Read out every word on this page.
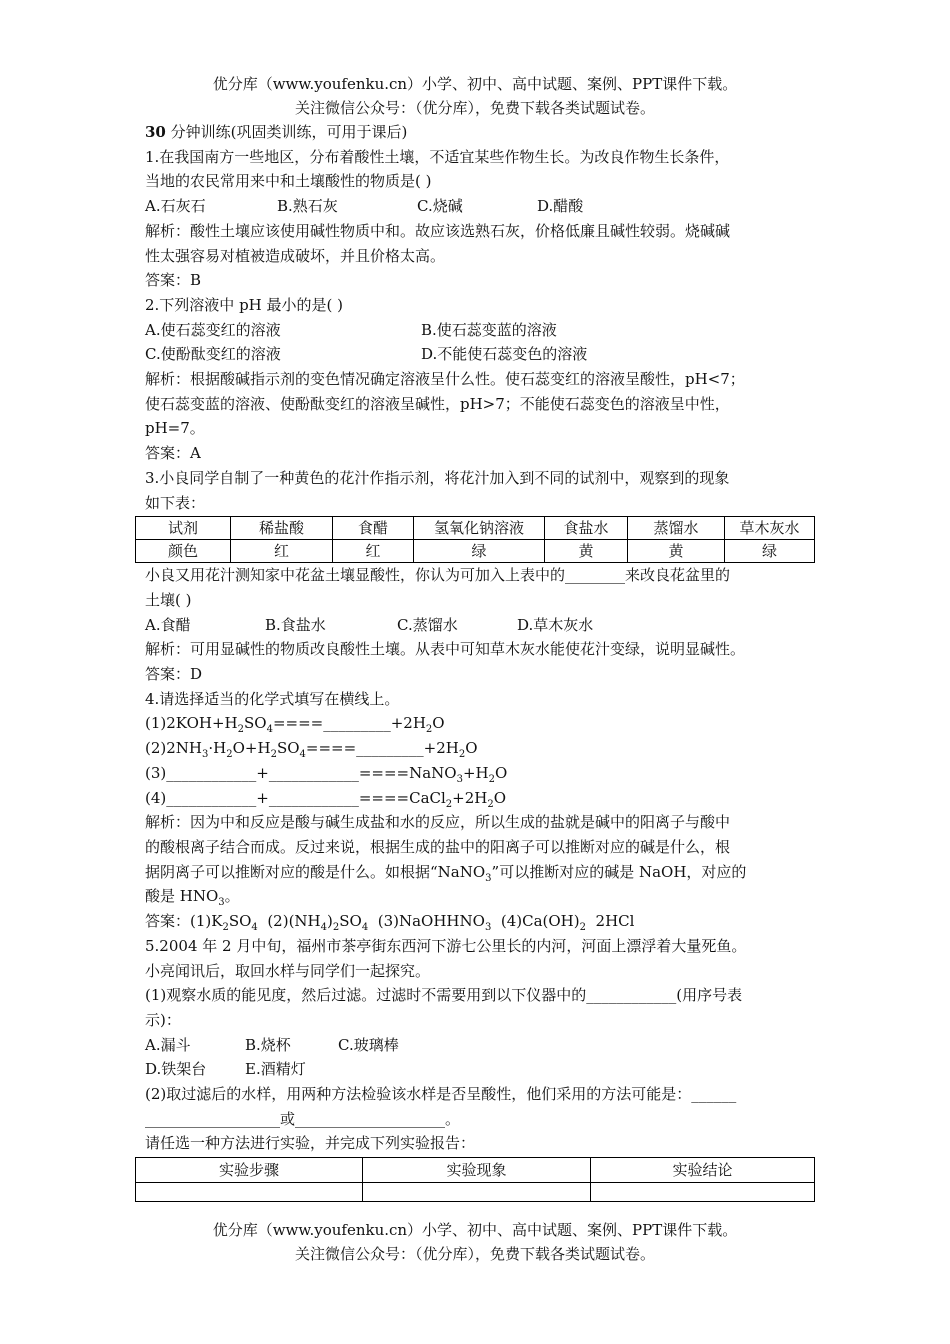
优分库（www.youfenku.cn）小学、初中、高中试题、案例、PPT课件下载。
关注微信公众号：（优分库），免费下载各类试题试卷。

30 分钟训练(巩固类训练，可用于课后)

1.在我国南方一些地区，分布着酸性土壤，不适宜某些作物生长。为改良作物生长条件，

当地的农民常用来中和土壤酸性的物质是( )

A.石灰石	B.熟石灰	C.烧碱	D.醋酸

解析：酸性土壤应该使用碱性物质中和。故应该选熟石灰，价格低廉且碱性较弱。烧碱碱

性太强容易对植被造成破坏，并且价格太高。

答案：B

2.下列溶液中 pH 最小的是( )

A.使石蕊变红的溶液	B.使石蕊变蓝的溶液

C.使酚酞变红的溶液	D.不能使石蕊变色的溶液

解析：根据酸碱指示剂的变色情况确定溶液呈什么性。使石蕊变红的溶液呈酸性，pH<7；

使石蕊变蓝的溶液、使酚酞变红的溶液呈碱性，pH>7；不能使石蕊变色的溶液呈中性，

pH=7。

答案：A

3.小良同学自制了一种黄色的花汁作指示剂，将花汁加入到不同的试剂中，观察到的现象

如下表：

试剂	稀盐酸	食醋	氢氧化钠溶液	食盐水	蒸馏水	草木灰水
颜色	红	红	绿	黄	黄	绿

小良又用花汁测知家中花盆土壤显酸性，你认为可加入上表中的________来改良花盆里的

土壤( )

A.食醋	B.食盐水	C.蒸馏水	D.草木灰水

解析：可用显碱性的物质改良酸性土壤。从表中可知草木灰水能使花汁变绿，说明显碱性。

答案：D

4.请选择适当的化学式填写在横线上。

$(1)2KOH+H_2SO_4====\_\_\_\_\_\_\_\_\_+2H_2O$

$(2)2NH_3\cdot H_2O+H_2SO_4====\_\_\_\_\_\_\_\_\_+2H_2O$

$(3)\_\_\_\_\_\_\_\_\_\_\_\_+\_\_\_\_\_\_\_\_\_\_\_\_====NaNO_3+H_2O$

$(4)\_\_\_\_\_\_\_\_\_\_\_\_+\_\_\_\_\_\_\_\_\_\_\_\_====CaCl_2+2H_2O$

解析：因为中和反应是酸与碱生成盐和水的反应，所以生成的盐就是碱中的阳离子与酸中

的酸根离子结合而成。反过来说，根据生成的盐中的阳离子可以推断对应的碱是什么，根

据阴离子可以推断对应的酸是什么。如根据“NaNO$_3$”可以推断对应的碱是 NaOH，对应的

酸是 $HNO_3$。

答案：$(1)K_2SO_4$  $(2)(NH_4)_2SO_4$  (3)NaOHHNO$_3$  $(4)Ca(OH)_2$  2HCl

5.2004 年 2 月中旬，福州市茶亭街东西河下游七公里长的内河，河面上漂浮着大量死鱼。

小亮闻讯后，取回水样与同学们一起探究。

(1)观察水质的能见度，然后过滤。过滤时不需要用到以下仪器中的____________(用序号表

示)：

A.漏斗	B.烧杯	C.玻璃棒

D.铁架台	E.酒精灯

(2)取过滤后的水样，用两种方法检验该水样是否呈酸性，他们采用的方法可能是：______

__________________或____________________。

请任选一种方法进行实验，并完成下列实验报告：

实验步骤	实验现象	实验结论

优分库（www.youfenku.cn）小学、初中、高中试题、案例、PPT课件下载。
关注微信公众号：（优分库），免费下载各类试题试卷。
